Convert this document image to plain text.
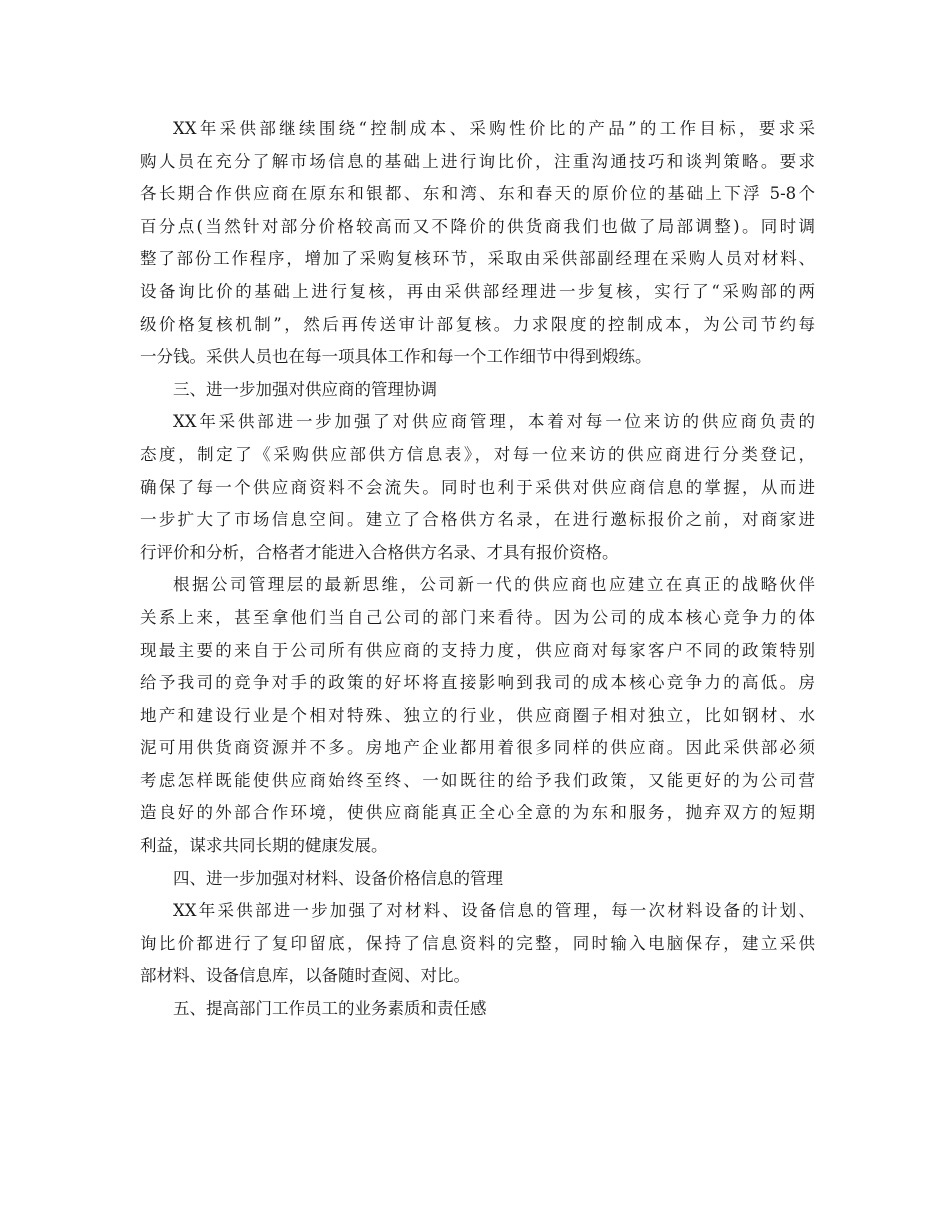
XX年采供部继续围绕“控制成本、采购性价比的产品”的工作目标，要求采
购人员在充分了解市场信息的基础上进行询比价，注重沟通技巧和谈判策略。要求
各长期合作供应商在原东和银都、东和湾、东和春天的原价位的基础上下浮 5-8个
百分点(当然针对部分价格较高而又不降价的供货商我们也做了局部调整)。同时调
整了部份工作程序，增加了采购复核环节，采取由采供部副经理在采购人员对材料、
设备询比价的基础上进行复核，再由采供部经理进一步复核，实行了“采购部的两
级价格复核机制”，然后再传送审计部复核。力求限度的控制成本，为公司节约每
一分钱。采供人员也在每一项具体工作和每一个工作细节中得到煅练。
三、进一步加强对供应商的管理协调
XX年采供部进一步加强了对供应商管理，本着对每一位来访的供应商负责的
态度，制定了《采购供应部供方信息表》，对每一位来访的供应商进行分类登记，
确保了每一个供应商资料不会流失。同时也利于采供对供应商信息的掌握，从而进
一步扩大了市场信息空间。建立了合格供方名录，在进行邀标报价之前，对商家进
行评价和分析，合格者才能进入合格供方名录、才具有报价资格。
根据公司管理层的最新思维，公司新一代的供应商也应建立在真正的战略伙伴
关系上来，甚至拿他们当自己公司的部门来看待。因为公司的成本核心竞争力的体
现最主要的来自于公司所有供应商的支持力度，供应商对每家客户不同的政策特别
给予我司的竞争对手的政策的好坏将直接影响到我司的成本核心竞争力的高低。房
地产和建设行业是个相对特殊、独立的行业，供应商圈子相对独立，比如钢材、水
泥可用供货商资源并不多。房地产企业都用着很多同样的供应商。因此采供部必须
考虑怎样既能使供应商始终至终、一如既往的给予我们政策，又能更好的为公司营
造良好的外部合作环境，使供应商能真正全心全意的为东和服务，抛弃双方的短期
利益，谋求共同长期的健康发展。
四、进一步加强对材料、设备价格信息的管理
XX年采供部进一步加强了对材料、设备信息的管理，每一次材料设备的计划、
询比价都进行了复印留底，保持了信息资料的完整，同时输入电脑保存，建立采供
部材料、设备信息库，以备随时查阅、对比。
五、提高部门工作员工的业务素质和责任感
